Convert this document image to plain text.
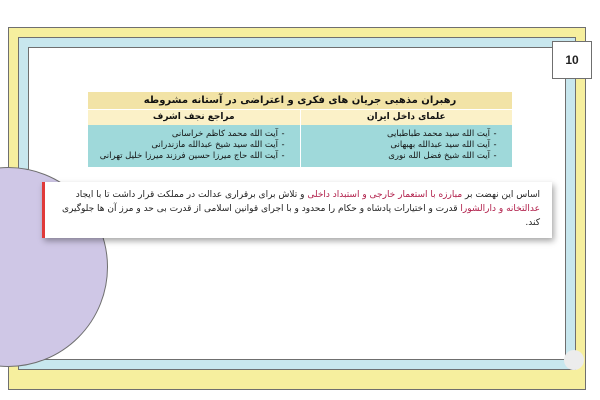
10
رهبران مذهبی جریان های فکری و اعتراضی در آستانه مشروطه
علمای داخل ایران
مراجع نجف اشرف
-
آیت الله سید محمد طباطبایی
-
آیت الله سید عبدالله بهبهانی
-
آیت الله شیخ فضل الله نوری
-
آیت الله محمد کاظم خراسانی
-
آیت الله سید شیخ عبدالله مازندرانی
-
آیت الله حاج میرزا حسین فرزند میرزا خلیل تهرانی
اساس این نهضت بر مبارزه با استعمار خارجی و استبداد داخلی و تلاش برای برقراری عدالت در مملکت قرار داشت تا با ایجاد عدالتخانه و دارالشورا قدرت و اختیارات پادشاه و حکام را محدود و با اجرای قوانین اسلامی از قدرت بی حد و مرز آن ها جلوگیری کند.
